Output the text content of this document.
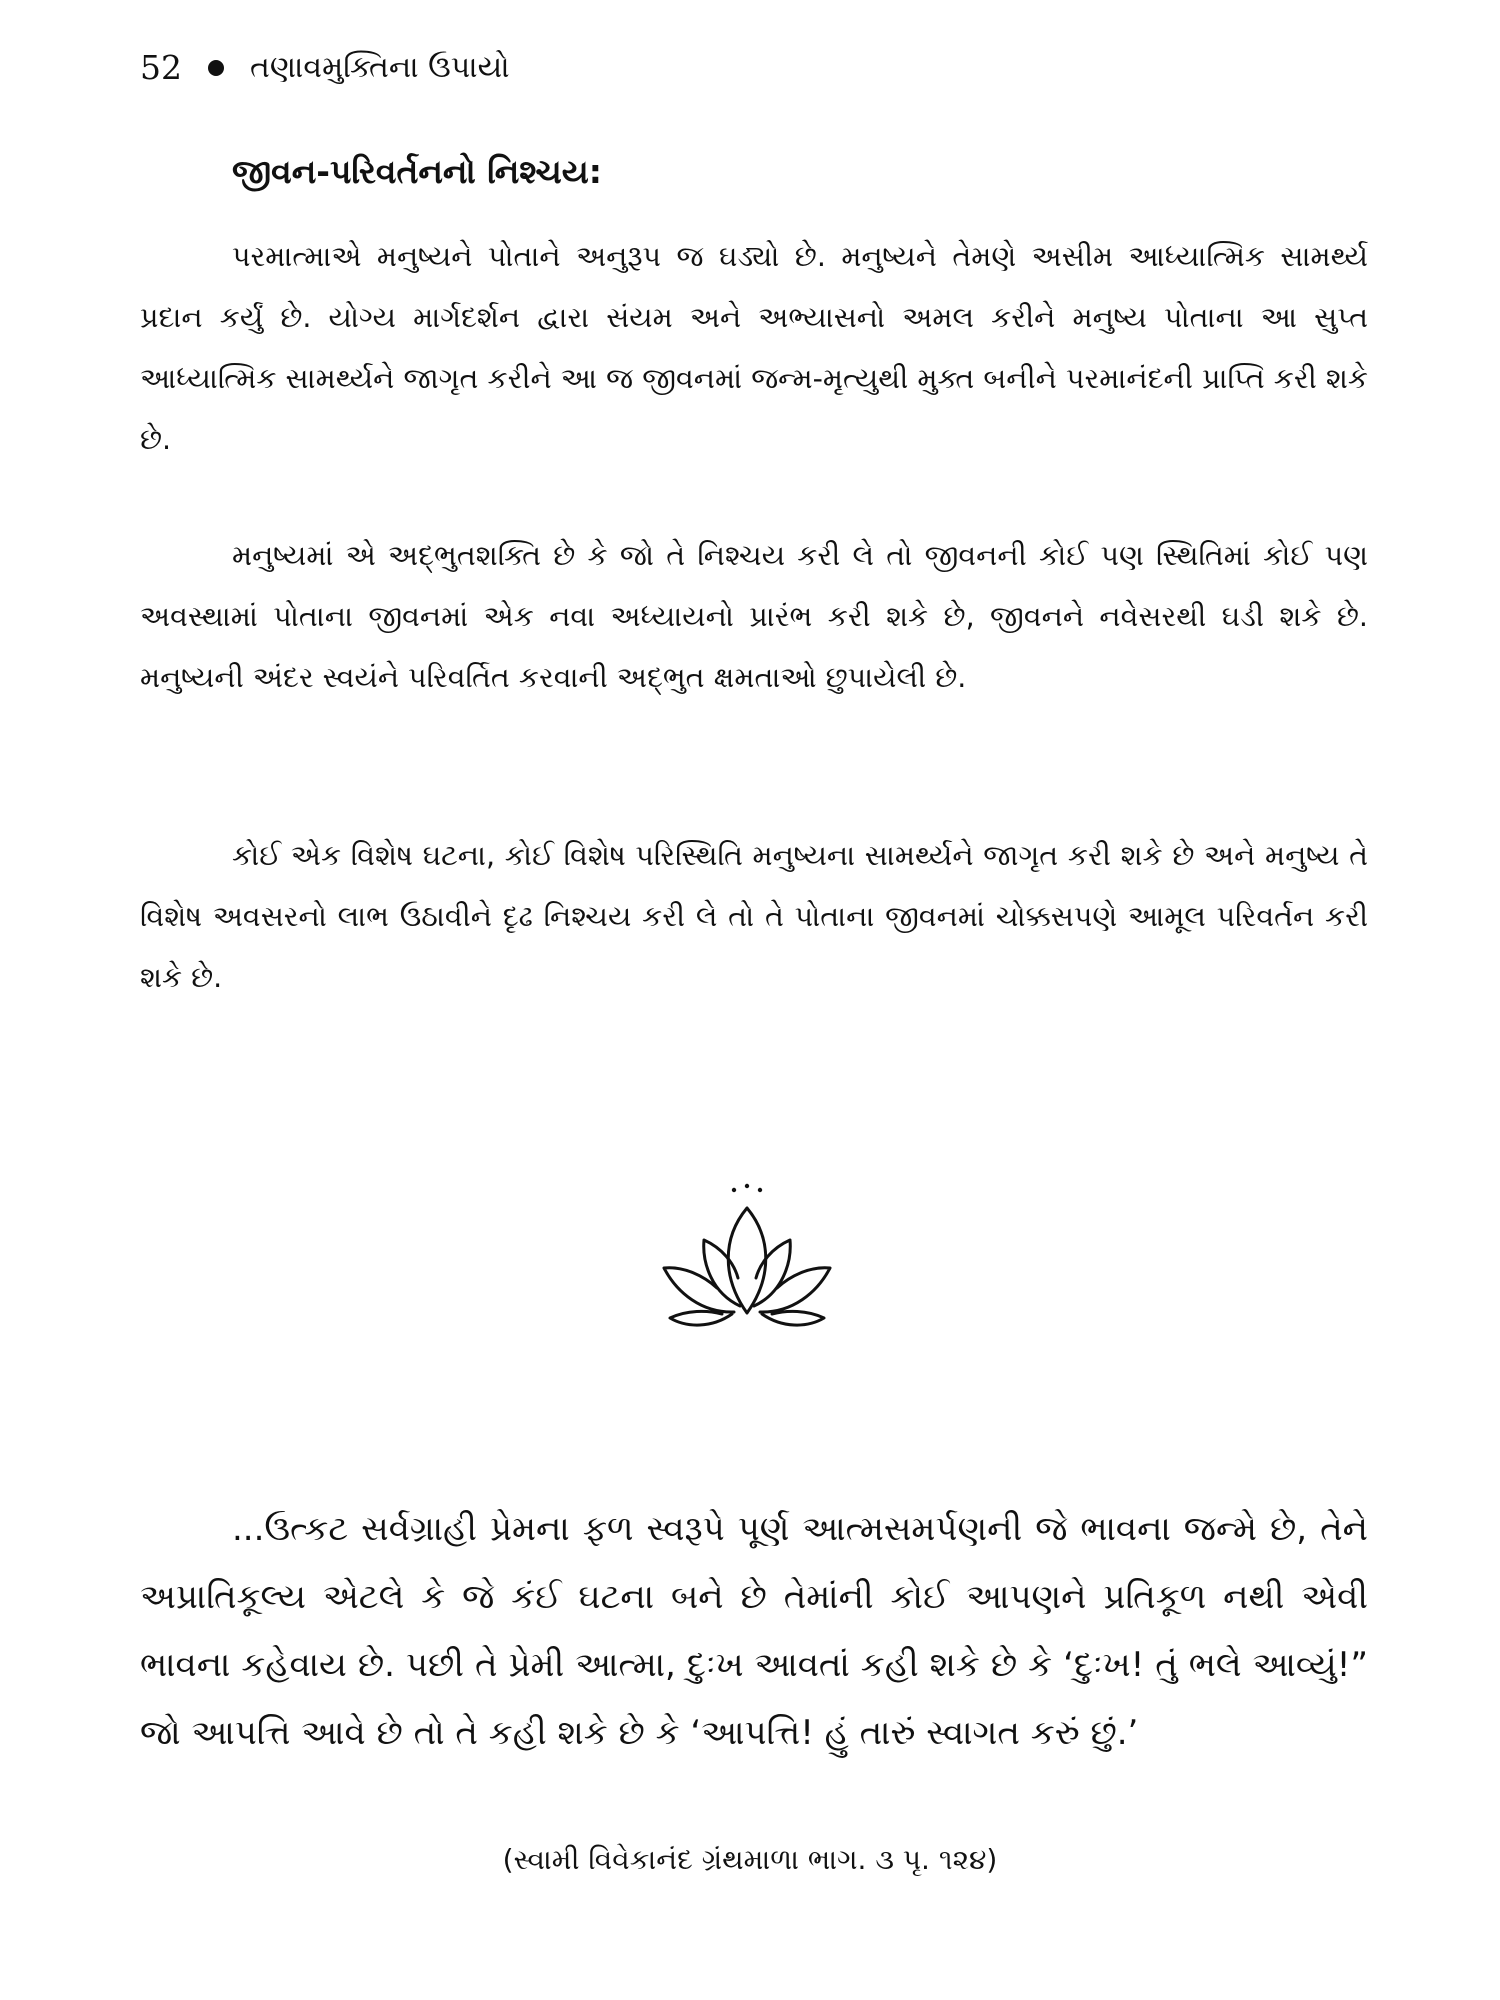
52 તણાવમુક્તિના ઉપાયો
જીવન-પરિવર્તનનો નિશ્ચય:

પરમાત્માએ મનુષ્યને પોતાને અનુરૂપ જ ઘડ્યો છે. મનુષ્યને તેમણે અસીમ આધ્યાત્મિક સામર્થ્ય પ્રદાન કર્યું છે. યોગ્ય માર્ગદર્શન દ્વારા સંયમ અને અભ્યાસનો અમલ કરીને મનુષ્ય પોતાના આ સુપ્ત આધ્યાત્મિક સામર્થ્યને જાગૃત કરીને આ જ જીવનમાં જન્મ-મૃત્યુથી મુક્ત બનીને પરમાનંદની પ્રાપ્તિ કરી શકે છે.

મનુષ્યમાં એ અદ્ભુતશક્તિ છે કે જો તે નિશ્ચય કરી લે તો જીવનની કોઈ પણ સ્થિતિમાં કોઈ પણ અવસ્થામાં પોતાના જીવનમાં એક નવા અધ્યાયનો પ્રારંભ કરી શકે છે, જીવનને નવેસરથી ઘડી શકે છે. મનુષ્યની અંદર સ્વયંને પરિવર્તિત કરવાની અદ્ભુત ક્ષમતાઓ છુપાયેલી છે.

કોઈ એક વિશેષ ઘટના, કોઈ વિશેષ પરિસ્થિતિ મનુષ્યના સામર્થ્યને જાગૃત કરી શકે છે અને મનુષ્ય તે વિશેષ અવસરનો લાભ ઉઠાવીને દૃઢ નિશ્ચય કરી લે તો તે પોતાના જીવનમાં ચોક્કસપણે આમૂલ પરિવર્તન કરી શકે છે.

...ઉત્કટ સર્વગ્રાહી પ્રેમના ફળ સ્વરૂપે પૂર્ણ આત્મસમર્પણની જે ભાવના જન્મે છે, તેને અપ્રાતિકૂલ્ય એટલે કે જે કંઈ ઘટના બને છે તેમાંની કોઈ આપણને પ્રતિકૂળ નથી એવી ભાવના કહેવાય છે. પછી તે પ્રેમી આત્મા, દુઃખ આવતાં કહી શકે છે કે ‘દુઃખ! તું ભલે આવ્યું!” જો આપત્તિ આવે છે તો તે કહી શકે છે કે ‘આપત્તિ! હું તારું સ્વાગત કરું છું.’

(સ્વામી વિવેકાનંદ ગ્રંથમાળા ભાગ. ૩ પૃ. ૧૨૪)
